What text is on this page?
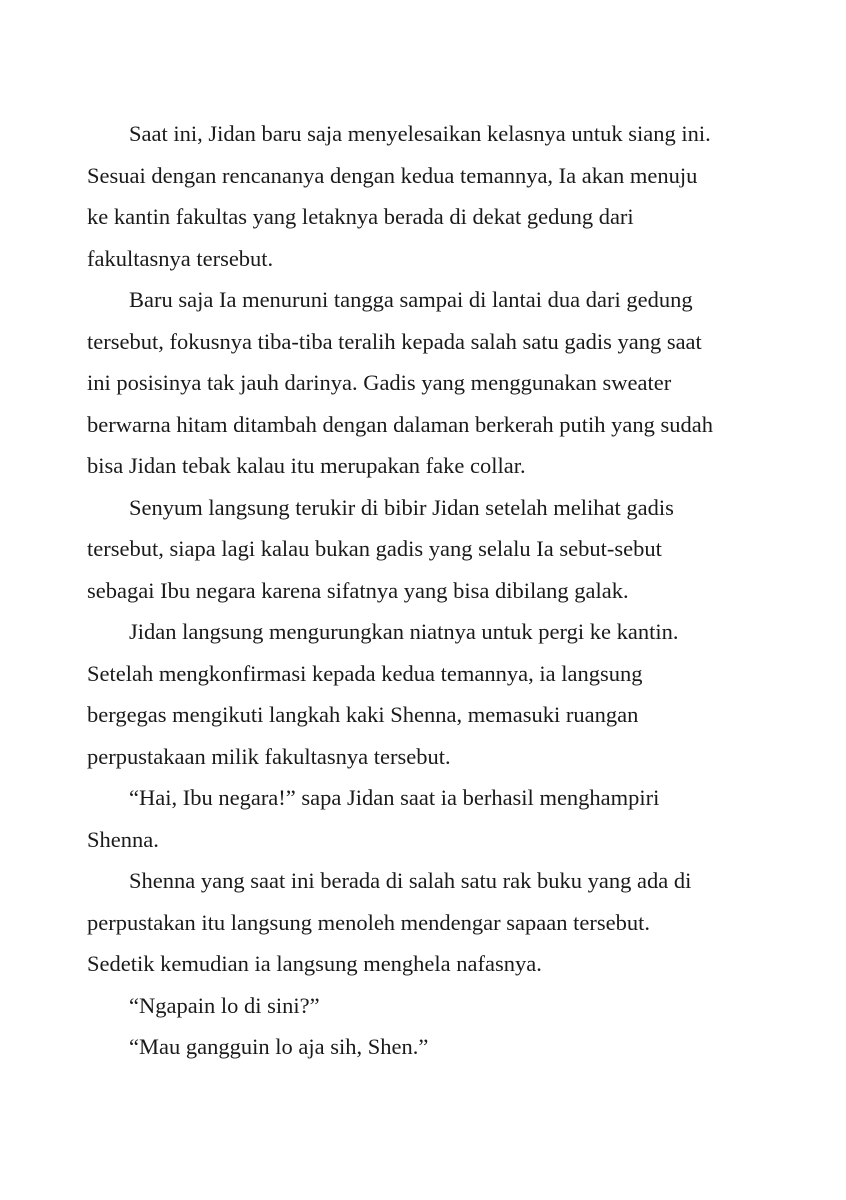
Saat ini, Jidan baru saja menyelesaikan kelasnya untuk siang ini.
Sesuai dengan rencananya dengan kedua temannya, Ia akan menuju
ke kantin fakultas yang letaknya berada di dekat gedung dari
fakultasnya tersebut.
Baru saja Ia menuruni tangga sampai di lantai dua dari gedung
tersebut, fokusnya tiba-tiba teralih kepada salah satu gadis yang saat
ini posisinya tak jauh darinya. Gadis yang menggunakan sweater
berwarna hitam ditambah dengan dalaman berkerah putih yang sudah
bisa Jidan tebak kalau itu merupakan fake collar.
Senyum langsung terukir di bibir Jidan setelah melihat gadis
tersebut, siapa lagi kalau bukan gadis yang selalu Ia sebut-sebut
sebagai Ibu negara karena sifatnya yang bisa dibilang galak.
Jidan langsung mengurungkan niatnya untuk pergi ke kantin.
Setelah mengkonfirmasi kepada kedua temannya, ia langsung
bergegas mengikuti langkah kaki Shenna, memasuki ruangan
perpustakaan milik fakultasnya tersebut.
“Hai, Ibu negara!” sapa Jidan saat ia berhasil menghampiri
Shenna.
Shenna yang saat ini berada di salah satu rak buku yang ada di
perpustakan itu langsung menoleh mendengar sapaan tersebut.
Sedetik kemudian ia langsung menghela nafasnya.
“Ngapain lo di sini?”
“Mau gangguin lo aja sih, Shen.”
